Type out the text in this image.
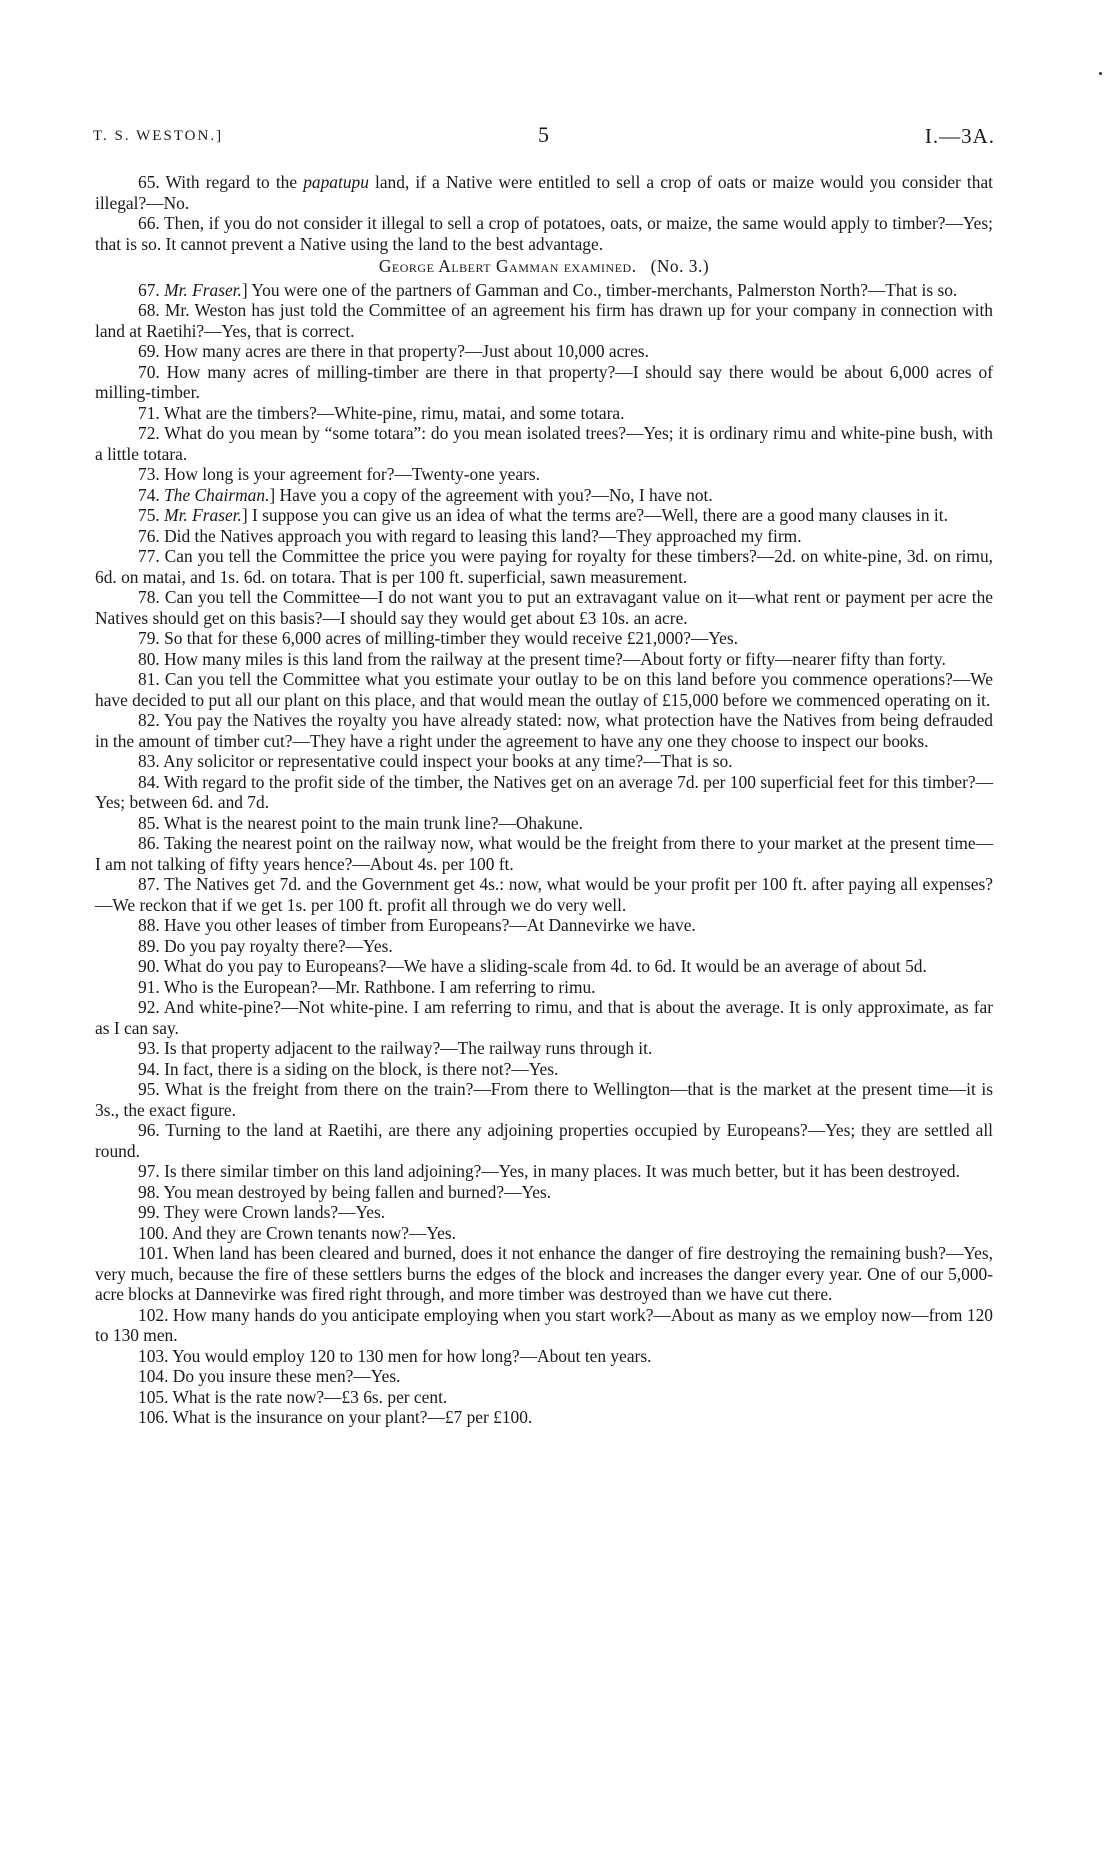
T. S. WESTON.]	5	I.—3A.

65. With regard to the papatupu land, if a Native were entitled to sell a crop of oats or maize would you consider that illegal?—No.

66. Then, if you do not consider it illegal to sell a crop of potatoes, oats, or maize, the same would apply to timber?—Yes; that is so. It cannot prevent a Native using the land to the best advantage.

George Albert Gamman examined. (No. 3.)

67. Mr. Fraser.] You were one of the partners of Gamman and Co., timber-merchants, Palmerston North?—That is so.

68. Mr. Weston has just told the Committee of an agreement his firm has drawn up for your company in connection with land at Raetihi?—Yes, that is correct.

69. How many acres are there in that property?—Just about 10,000 acres.

70. How many acres of milling-timber are there in that property?—I should say there would be about 6,000 acres of milling-timber.

71. What are the timbers?—White-pine, rimu, matai, and some totara.

72. What do you mean by “some totara”: do you mean isolated trees?—Yes; it is ordinary rimu and white-pine bush, with a little totara.

73. How long is your agreement for?—Twenty-one years.

74. The Chairman.] Have you a copy of the agreement with you?—No, I have not.

75. Mr. Fraser.] I suppose you can give us an idea of what the terms are?—Well, there are a good many clauses in it.

76. Did the Natives approach you with regard to leasing this land?—They approached my firm.

77. Can you tell the Committee the price you were paying for royalty for these timbers?—2d. on white-pine, 3d. on rimu, 6d. on matai, and 1s. 6d. on totara. That is per 100 ft. superficial, sawn measurement.

78. Can you tell the Committee—I do not want you to put an extravagant value on it—what rent or payment per acre the Natives should get on this basis?—I should say they would get about £3 10s. an acre.

79. So that for these 6,000 acres of milling-timber they would receive £21,000?—Yes.

80. How many miles is this land from the railway at the present time?—About forty or fifty—nearer fifty than forty.

81. Can you tell the Committee what you estimate your outlay to be on this land before you commence operations?—We have decided to put all our plant on this place, and that would mean the outlay of £15,000 before we commenced operating on it.

82. You pay the Natives the royalty you have already stated: now, what protection have the Natives from being defrauded in the amount of timber cut?—They have a right under the agreement to have any one they choose to inspect our books.

83. Any solicitor or representative could inspect your books at any time?—That is so.

84. With regard to the profit side of the timber, the Natives get on an average 7d. per 100 superficial feet for this timber?—Yes; between 6d. and 7d.

85. What is the nearest point to the main trunk line?—Ohakune.

86. Taking the nearest point on the railway now, what would be the freight from there to your market at the present time—I am not talking of fifty years hence?—About 4s. per 100 ft.

87. The Natives get 7d. and the Government get 4s.: now, what would be your profit per 100 ft. after paying all expenses?—We reckon that if we get 1s. per 100 ft. profit all through we do very well.

88. Have you other leases of timber from Europeans?—At Dannevirke we have.

89. Do you pay royalty there?—Yes.

90. What do you pay to Europeans?—We have a sliding-scale from 4d. to 6d. It would be an average of about 5d.

91. Who is the European?—Mr. Rathbone. I am referring to rimu.

92. And white-pine?—Not white-pine. I am referring to rimu, and that is about the average. It is only approximate, as far as I can say.

93. Is that property adjacent to the railway?—The railway runs through it.

94. In fact, there is a siding on the block, is there not?—Yes.

95. What is the freight from there on the train?—From there to Wellington—that is the market at the present time—it is 3s., the exact figure.

96. Turning to the land at Raetihi, are there any adjoining properties occupied by Europeans?—Yes; they are settled all round.

97. Is there similar timber on this land adjoining?—Yes, in many places. It was much better, but it has been destroyed.

98. You mean destroyed by being fallen and burned?—Yes.

99. They were Crown lands?—Yes.

100. And they are Crown tenants now?—Yes.

101. When land has been cleared and burned, does it not enhance the danger of fire destroying the remaining bush?—Yes, very much, because the fire of these settlers burns the edges of the block and increases the danger every year. One of our 5,000-acre blocks at Dannevirke was fired right through, and more timber was destroyed than we have cut there.

102. How many hands do you anticipate employing when you start work?—About as many as we employ now—from 120 to 130 men.

103. You would employ 120 to 130 men for how long?—About ten years.

104. Do you insure these men?—Yes.

105. What is the rate now?—£3 6s. per cent.

106. What is the insurance on your plant?—£7 per £100.
